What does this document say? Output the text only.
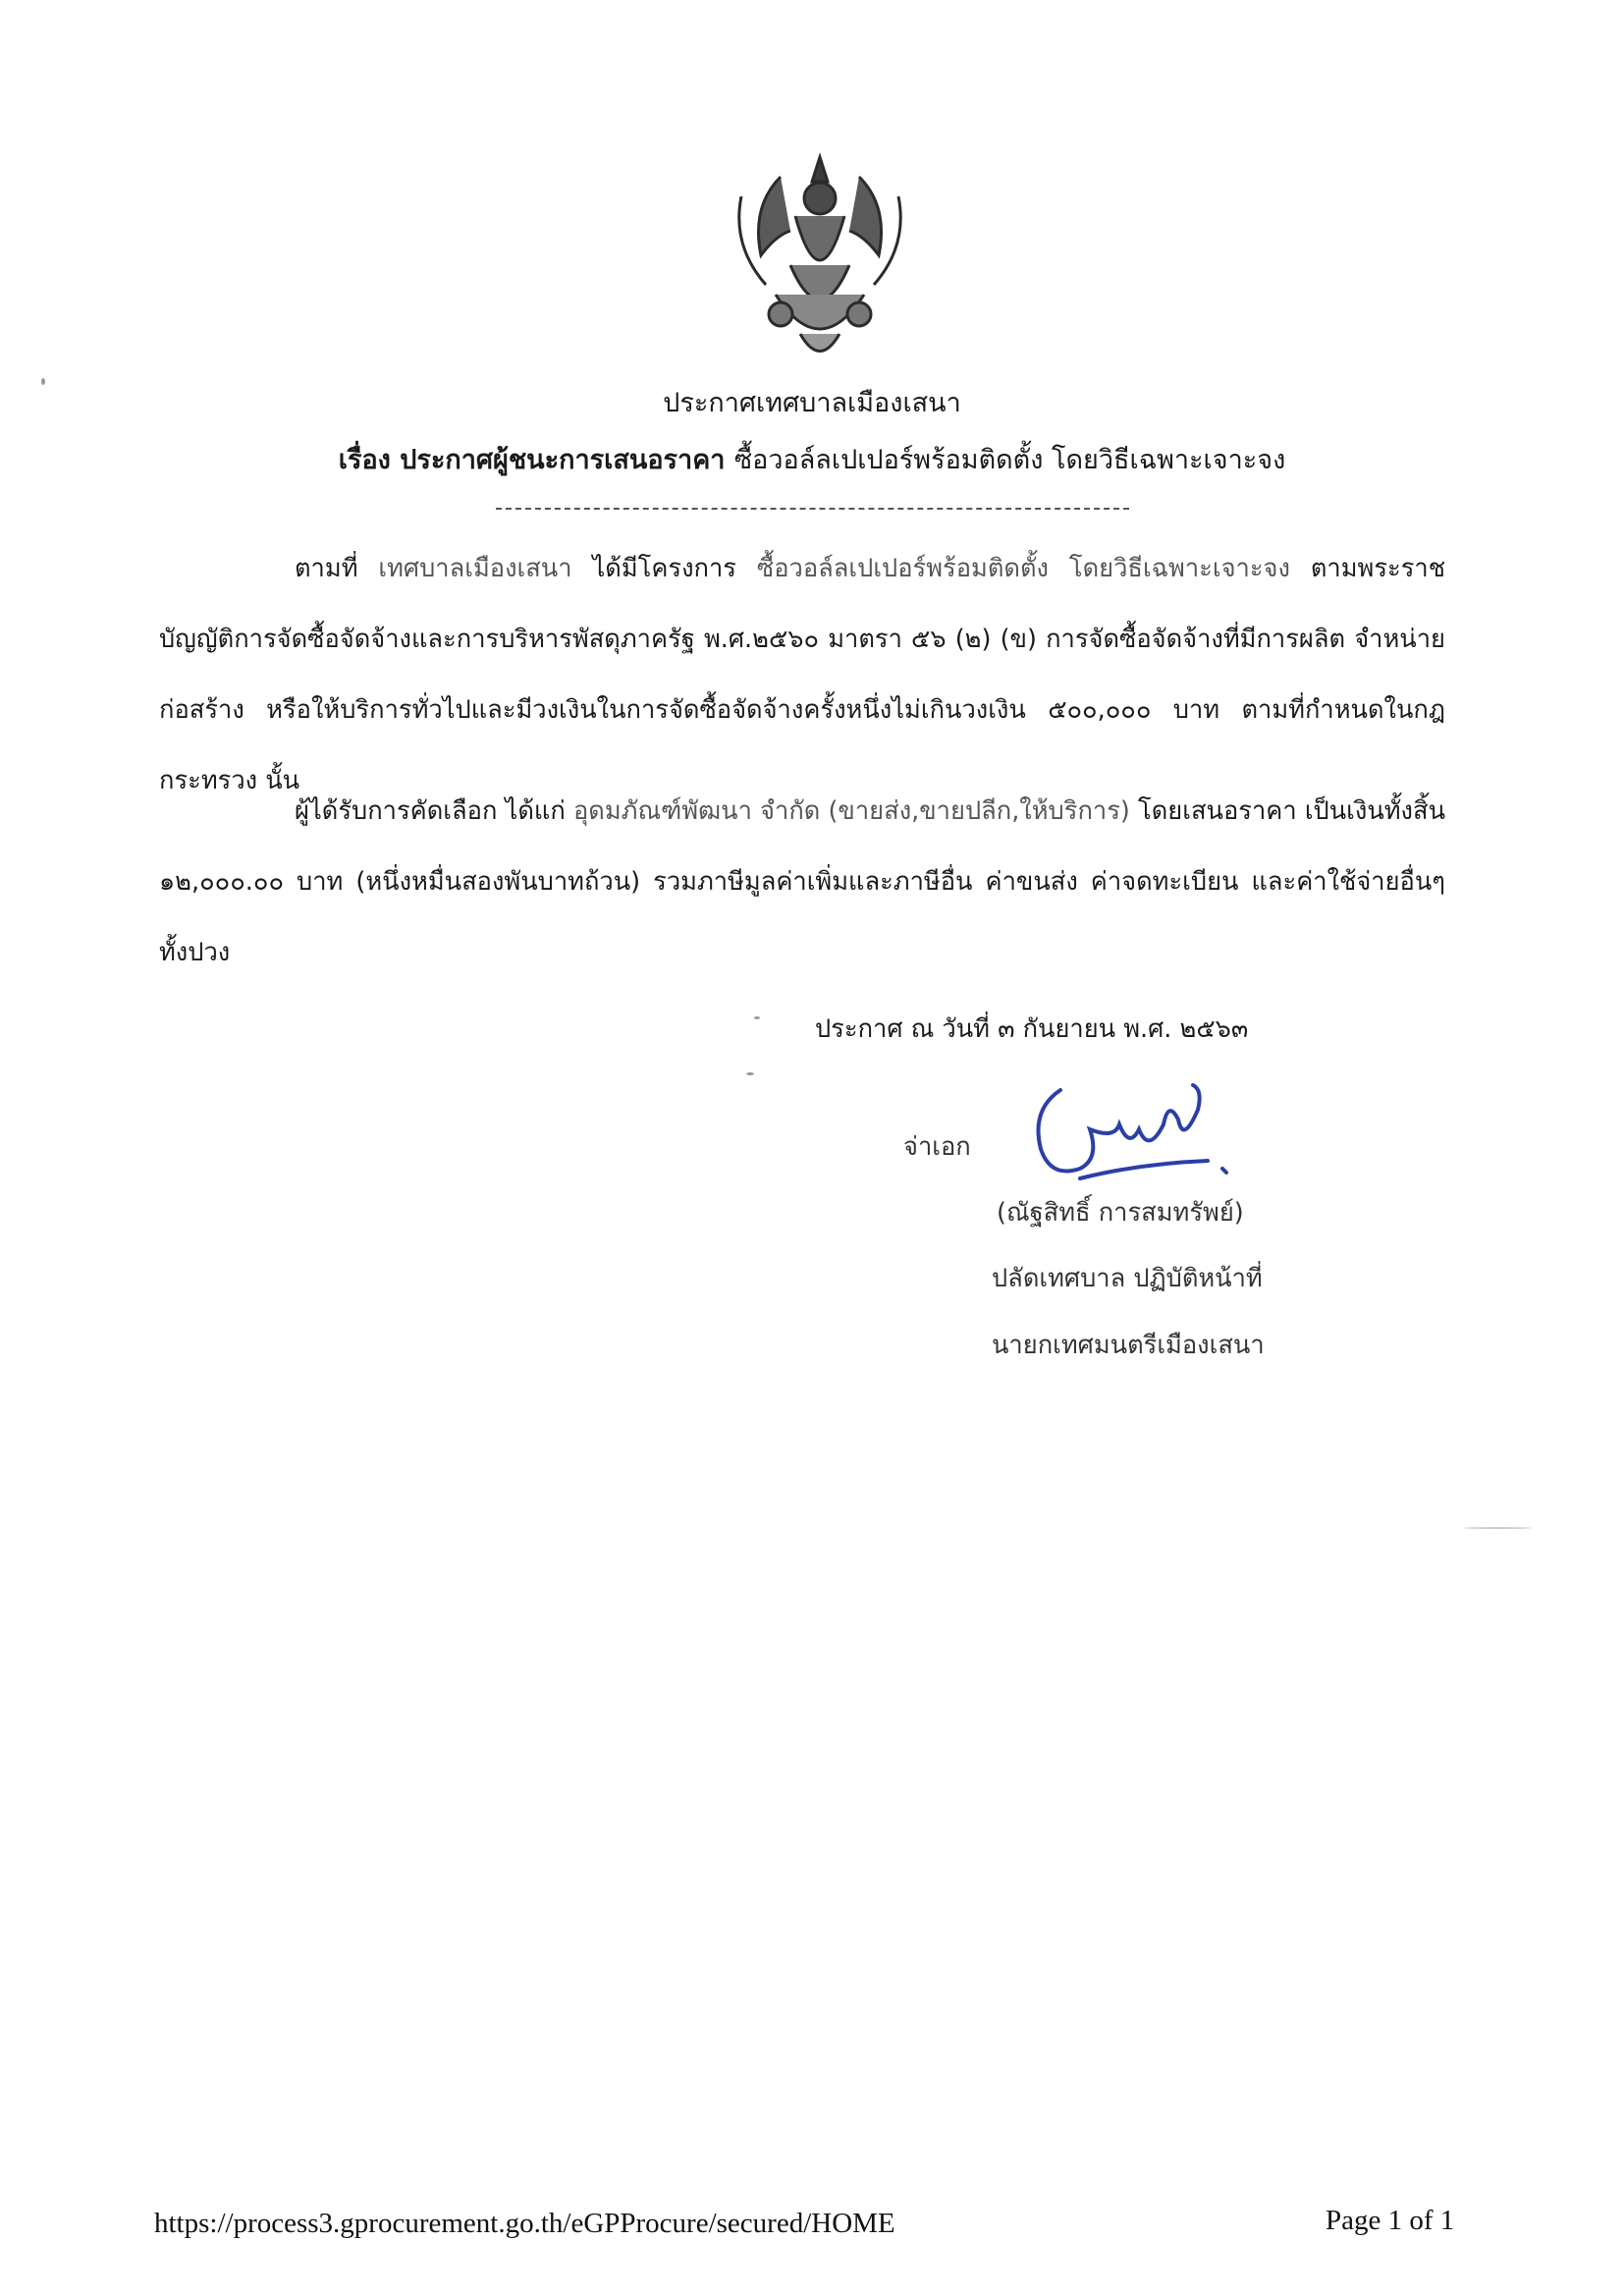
ประกาศเทศบาลเมืองเสนา
เรื่อง ประกาศผู้ชนะการเสนอราคา ซื้อวอล์ลเปเปอร์พร้อมติดตั้ง โดยวิธีเฉพาะเจาะจง
ตามที่ เทศบาลเมืองเสนา ได้มีโครงการ ซื้อวอล์ลเปเปอร์พร้อมติดตั้ง โดยวิธีเฉพาะเจาะจง ตามพระราชบัญญัติการจัดซื้อจัดจ้างและการบริหารพัสดุภาครัฐ พ.ศ.๒๕๖๐ มาตรา ๕๖ (๒) (ข) การจัดซื้อจัดจ้างที่มีการผลิต จำหน่าย ก่อสร้าง หรือให้บริการทั่วไปและมีวงเงินในการจัดซื้อจัดจ้างครั้งหนึ่งไม่เกินวงเงิน ๕๐๐,๐๐๐ บาท ตามที่กำหนดในกฎกระทรวง นั้น
ผู้ได้รับการคัดเลือก ได้แก่ อุดมภัณฑ์พัฒนา จำกัด (ขายส่ง,ขายปลีก,ให้บริการ) โดยเสนอราคา เป็นเงินทั้งสิ้น ๑๒,๐๐๐.๐๐ บาท (หนึ่งหมื่นสองพันบาทถ้วน) รวมภาษีมูลค่าเพิ่มและภาษีอื่น ค่าขนส่ง ค่าจดทะเบียน และค่าใช้จ่ายอื่นๆ ทั้งปวง
ประกาศ ณ วันที่ ๓ กันยายน พ.ศ. ๒๕๖๓
จ่าเอก
(ณัฐสิทธิ์ การสมทรัพย์)
ปลัดเทศบาล ปฏิบัติหน้าที่
นายกเทศมนตรีเมืองเสนา
https://process3.gprocurement.go.th/eGPProcure/secured/HOME	Page 1 of 1
